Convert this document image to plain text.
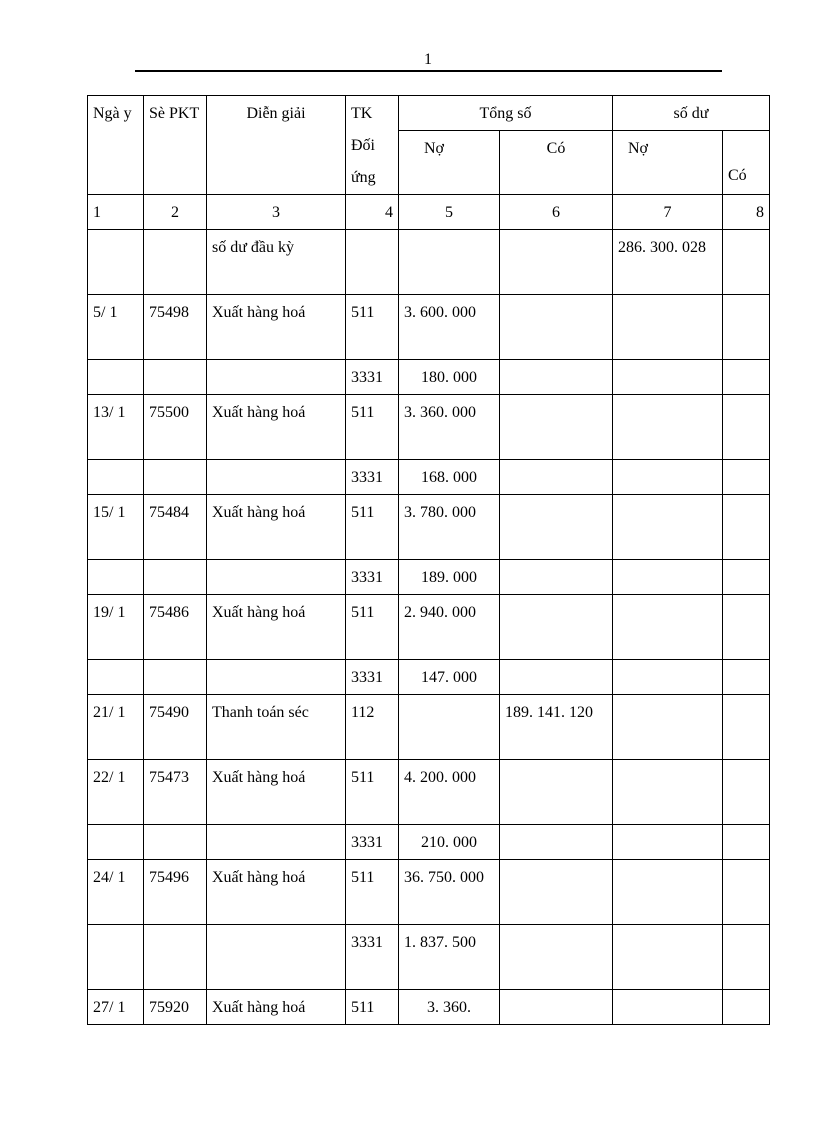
1
Ngà y	Sè PKT	Diễn giải	TK Đối ứng	Tổng số		số dư	
				Nợ	Có	Nợ	Có
1	2	3	4	5	6	7	8
		số dư đầu kỳ				286. 300. 028	
5/ 1	75498	Xuất hàng hoá	511	3. 600. 000			
			3331	180. 000			
13/ 1	75500	Xuất hàng hoá	511	3. 360. 000			
			3331	168. 000			
15/ 1	75484	Xuất hàng hoá	511	3. 780. 000			
			3331	189. 000			
19/ 1	75486	Xuất hàng hoá	511	2. 940. 000			
			3331	147. 000			
21/ 1	75490	Thanh toán séc	112		189. 141. 120		
22/ 1	75473	Xuất hàng hoá	511	4. 200. 000			
			3331	210. 000			
24/ 1	75496	Xuất hàng hoá	511	36. 750. 000			
			3331	1. 837. 500			
27/ 1	75920	Xuất hàng hoá	511	3. 360.			
